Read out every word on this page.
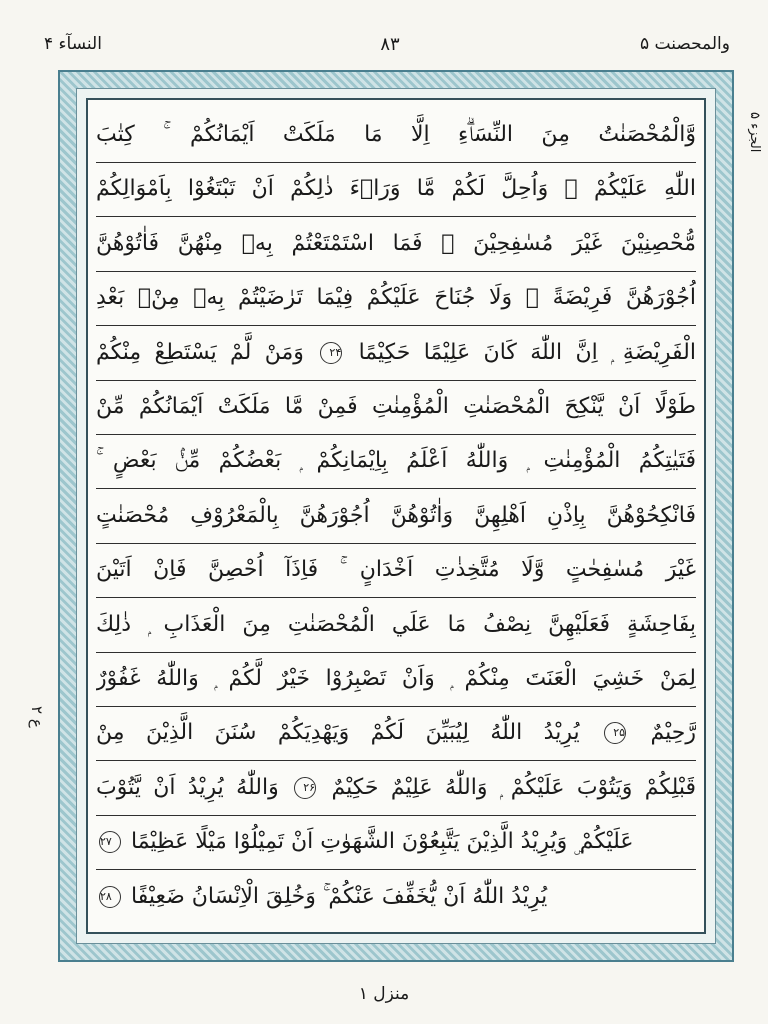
النسآء ۴	۸۳	والمحصنت ۵
ع ۲
الجزء ۵
وَّالْمُحْصَنٰتُ مِنَ النِّسَاۗءِ اِلَّا مَا مَلَكَتْ اَيْمَانُكُمْ ۚ كِتٰبَ
اللّٰهِ عَلَيْكُمْ ۚ وَاُحِلَّ لَكُمْ مَّا وَرَاۗءَ ذٰلِكُمْ اَنْ تَبْتَغُوْا بِاَمْوَالِكُمْ
مُّحْصِنِيْنَ غَيْرَ مُسٰفِحِيْنَ ۭ فَمَا اسْتَمْتَعْتُمْ بِهٖ مِنْهُنَّ فَاٰتُوْهُنَّ
اُجُوْرَهُنَّ فَرِيْضَةً ۭ وَلَا جُنَاحَ عَلَيْكُمْ فِيْمَا تَرٰضَيْتُمْ بِهٖ مِنْۢ بَعْدِ
الْفَرِيْضَةِ ۭ اِنَّ اللّٰهَ كَانَ عَلِيْمًا حَكِيْمًا ۲۴ وَمَنْ لَّمْ يَسْتَطِعْ مِنْكُمْ
طَوْلًا اَنْ يَّنْكِحَ الْمُحْصَنٰتِ الْمُؤْمِنٰتِ فَمِنْ مَّا مَلَكَتْ اَيْمَانُكُمْ مِّنْ
فَتَيٰتِكُمُ الْمُؤْمِنٰتِ ۭ وَاللّٰهُ اَعْلَمُ بِاِيْمَانِكُمْ ۭ بَعْضُكُمْ مِّنْۢ بَعْضٍ ۚ
فَانْكِحُوْهُنَّ بِاِذْنِ اَهْلِهِنَّ وَاٰتُوْهُنَّ اُجُوْرَهُنَّ بِالْمَعْرُوْفِ مُحْصَنٰتٍ
غَيْرَ مُسٰفِحٰتٍ وَّلَا مُتَّخِذٰتِ اَخْدَانٍ ۚ فَاِذَآ اُحْصِنَّ فَاِنْ اَتَيْنَ
بِفَاحِشَةٍ فَعَلَيْهِنَّ نِصْفُ مَا عَلَي الْمُحْصَنٰتِ مِنَ الْعَذَابِ ۭ ذٰلِكَ
لِمَنْ خَشِيَ الْعَنَتَ مِنْكُمْ ۭ وَاَنْ تَصْبِرُوْا خَيْرٌ لَّكُمْ ۭ وَاللّٰهُ غَفُوْرٌ
رَّحِيْمٌ ۲۵ يُرِيْدُ اللّٰهُ لِيُبَيِّنَ لَكُمْ وَيَهْدِيَكُمْ سُنَنَ الَّذِيْنَ مِنْ
قَبْلِكُمْ وَيَتُوْبَ عَلَيْكُمْ ۭ وَاللّٰهُ عَلِيْمٌ حَكِيْمٌ ۲۶ وَاللّٰهُ يُرِيْدُ اَنْ يَّتُوْبَ
عَلَيْكُمْ ۣ وَيُرِيْدُ الَّذِيْنَ يَتَّبِعُوْنَ الشَّهَوٰتِ اَنْ تَمِيْلُوْا مَيْلًا عَظِيْمًا ۲۷
يُرِيْدُ اللّٰهُ اَنْ يُّخَفِّفَ عَنْكُمْ ۚ وَخُلِقَ الْاِنْسَانُ ضَعِيْفًا ۲۸
منزل ۱
